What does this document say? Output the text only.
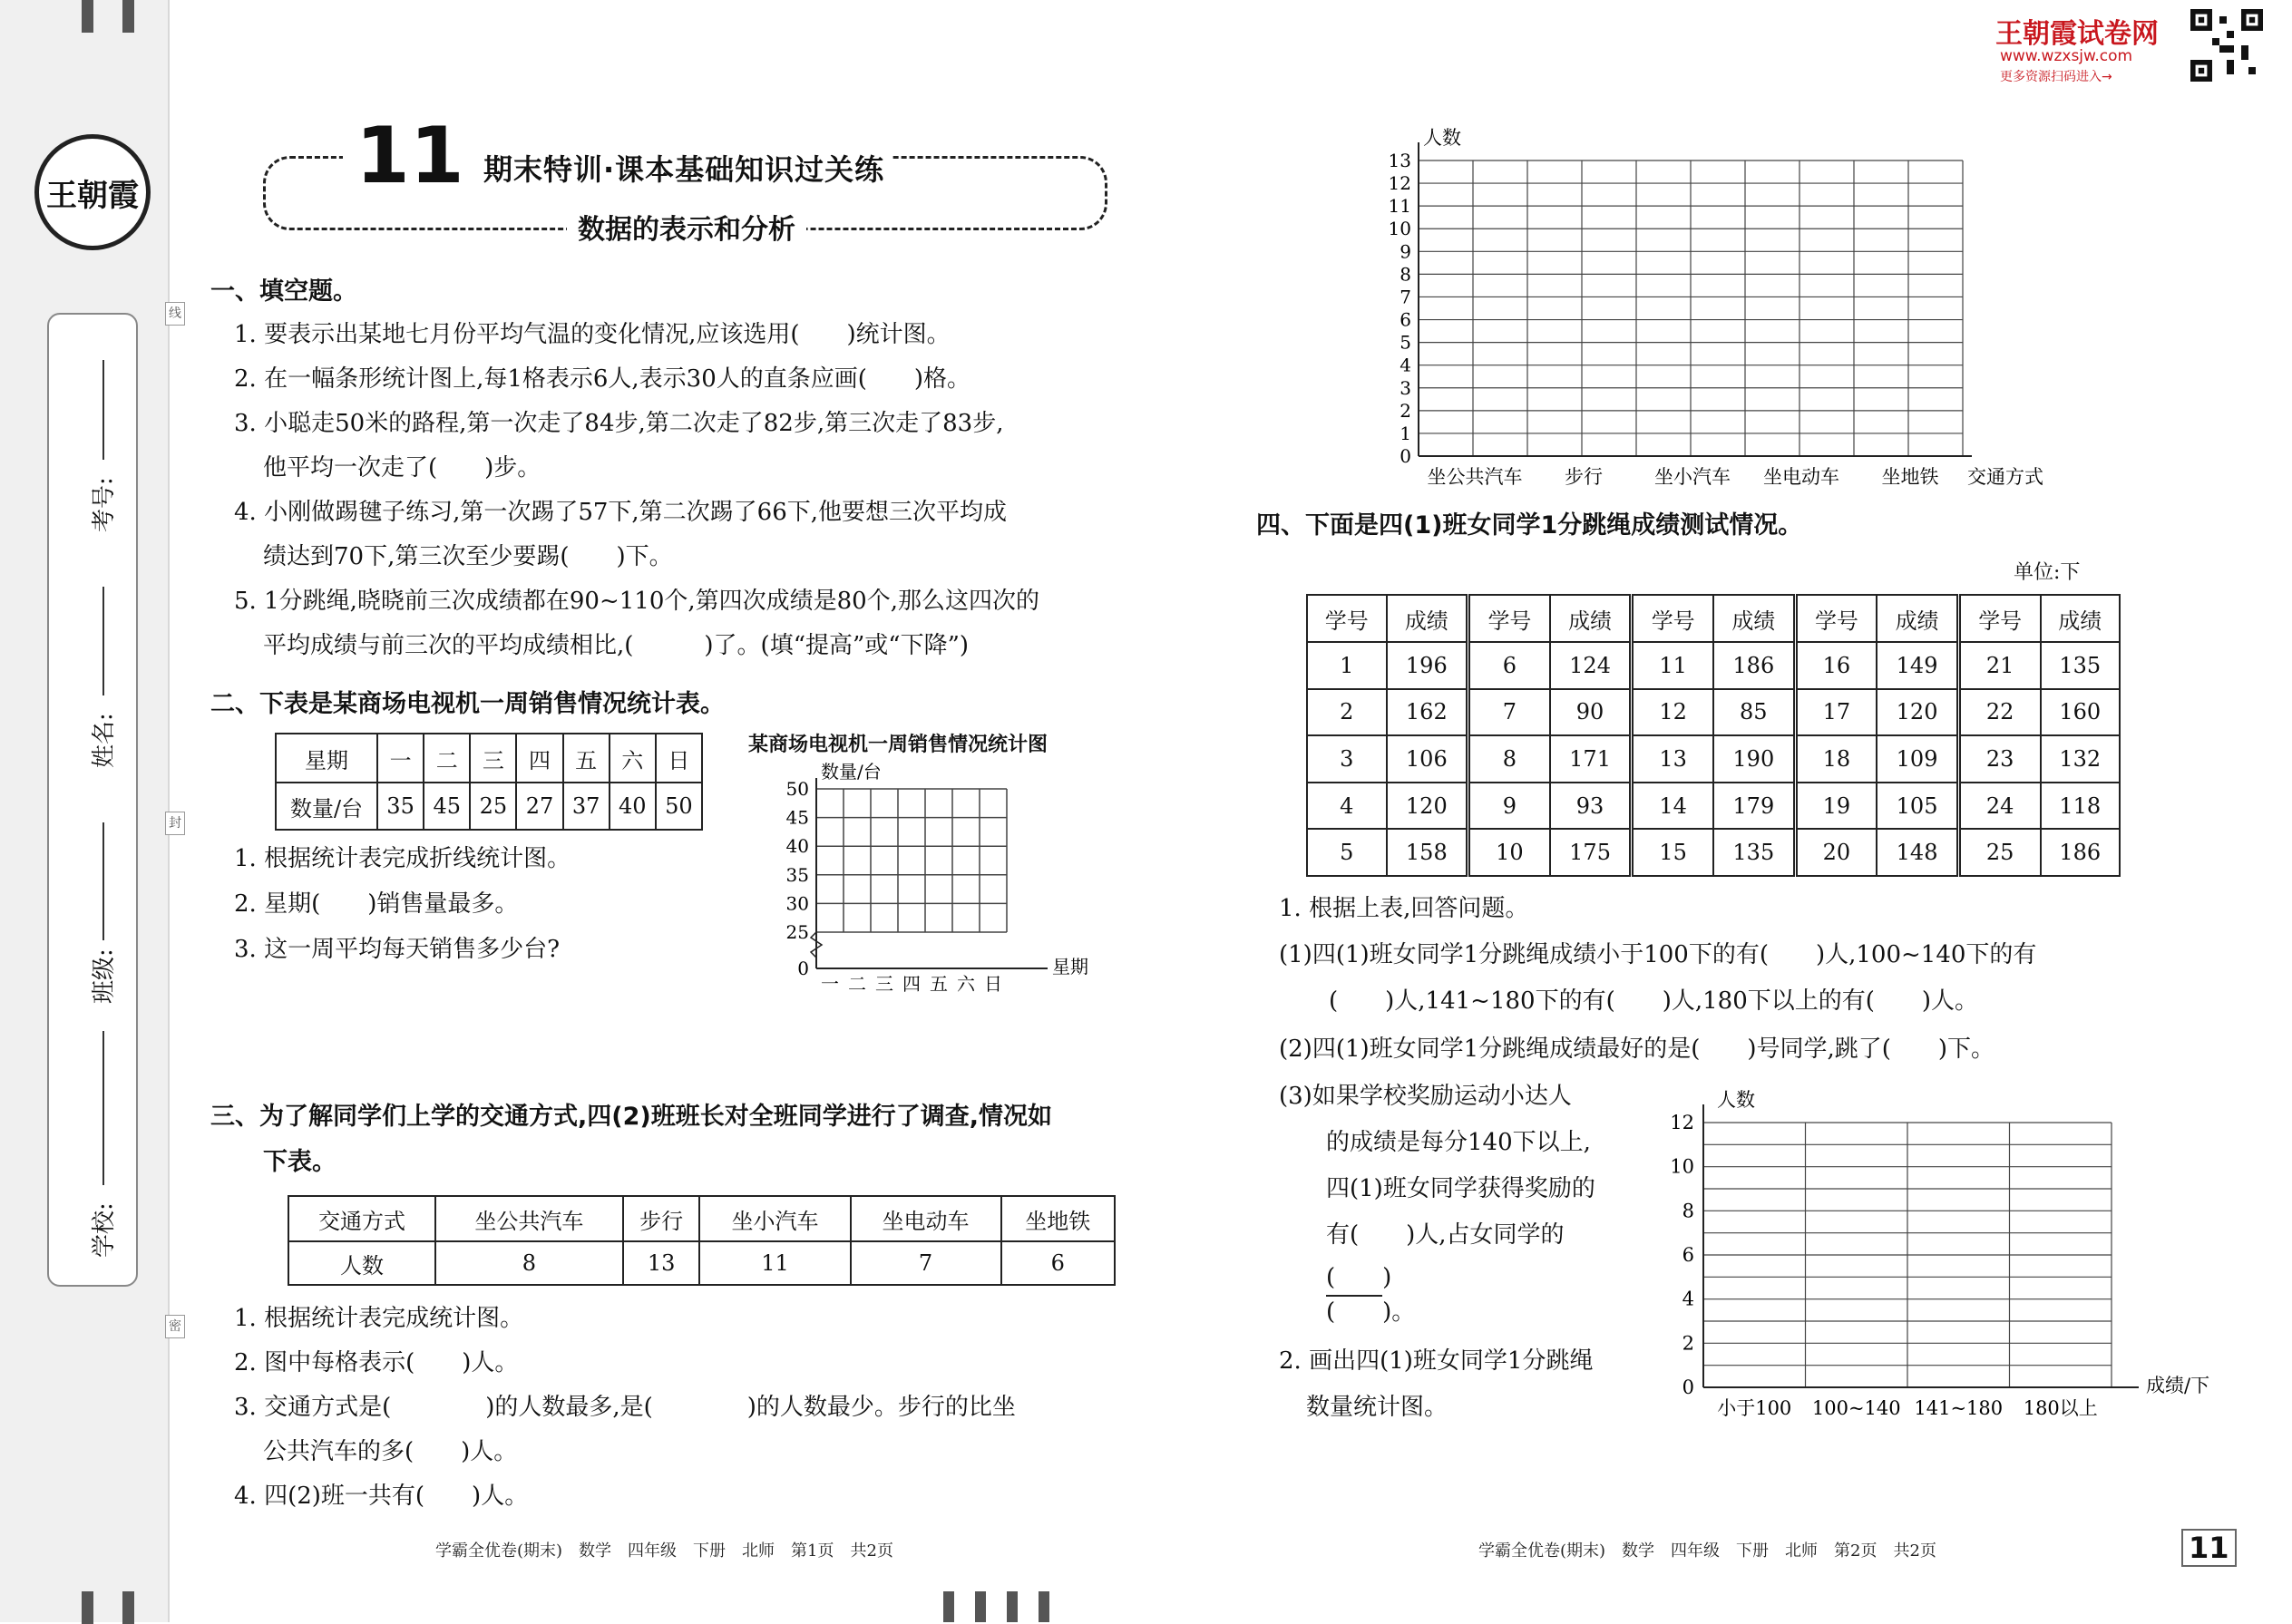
线
封
密
王朝霞
学校:
班级:
姓名:
考号:
王朝霞试卷网
www.wzxsjw.com
更多资源扫码进入→
11 期末特训·课本基础知识过关练
数据的表示和分析
一、填空题。
1. 要表示出某地七月份平均气温的变化情况,应该选用(　　)统计图。
2. 在一幅条形统计图上,每1格表示6人,表示30人的直条应画(　　)格。
3. 小聪走50米的路程,第一次走了84步,第二次走了82步,第三次走了83步,
他平均一次走了(　　)步。
4. 小刚做踢毽子练习,第一次踢了57下,第二次踢了66下,他要想三次平均成
绩达到70下,第三次至少要踢(　　)下。
5. 1分跳绳,晓晓前三次成绩都在90~110个,第四次成绩是80个,那么这四次的
平均成绩与前三次的平均成绩相比,(　　　)了。(填“提高”或“下降”)
二、下表是某商场电视机一周销售情况统计表。
星期	一	二	三	四	五	六	日
数量/台	35	45	25	27	37	40	50
1. 根据统计表完成折线统计图。
2. 星期(　　)销售量最多。
3. 这一周平均每天销售多少台?
某商场电视机一周销售情况统计图
50
45
40
35
30
25
0
一 二 三 四 五 六 日
数量/台
星期
三、为了解同学们上学的交通方式,四(2)班班长对全班同学进行了调查,情况如
下表。
交通方式	坐公共汽车	步行	坐小汽车	坐电动车	坐地铁
人数	8	13	11	7	6
1. 根据统计表完成统计图。
2. 图中每格表示(　　)人。
3. 交通方式是(　　　　)的人数最多,是(　　　　)的人数最少。步行的比坐
公共汽车的多(　　)人。
4. 四(2)班一共有(　　)人。
13
12
11
10
9
8
7
6
5
4
3
2
1
0
坐公共汽车 步行	坐小汽车 坐电动车 坐地铁
人数
交通方式
四、下面是四(1)班女同学1分跳绳成绩测试情况。
单位:下
学号	成绩	学号	成绩	学号	成绩	学号	成绩	学号	成绩
1	196	6	124	11	186	16	149	21	135
2	162	7	90	12	85	17	120	22	160
3	106	8	171	13	190	18	109	23	132
4	120	9	93	14	179	19	105	24	118
5	158	10	175	15	135	20	148	25	186
1. 根据上表,回答问题。
(1)四(1)班女同学1分跳绳成绩小于100下的有(　　)人,100~140下的有
(　　)人,141~180下的有(　　)人,180下以上的有(　　)人。
(2)四(1)班女同学1分跳绳成绩最好的是(　　)号同学,跳了(　　)下。
(3)如果学校奖励运动小达人
的成绩是每分140下以上,
四(1)班女同学获得奖励的
有(　　)人,占女同学的
(　　)
(　　)。
2. 画出四(1)班女同学1分跳绳
数量统计图。
12
10
8
6
4
2
0
小于100 100~140 141~180 180以上
人数
成绩/下
学霸全优卷(期末)　数学　四年级　下册　北师　第1页　共2页	学霸全优卷(期末)　数学　四年级　下册　北师　第2页　共2页	11
